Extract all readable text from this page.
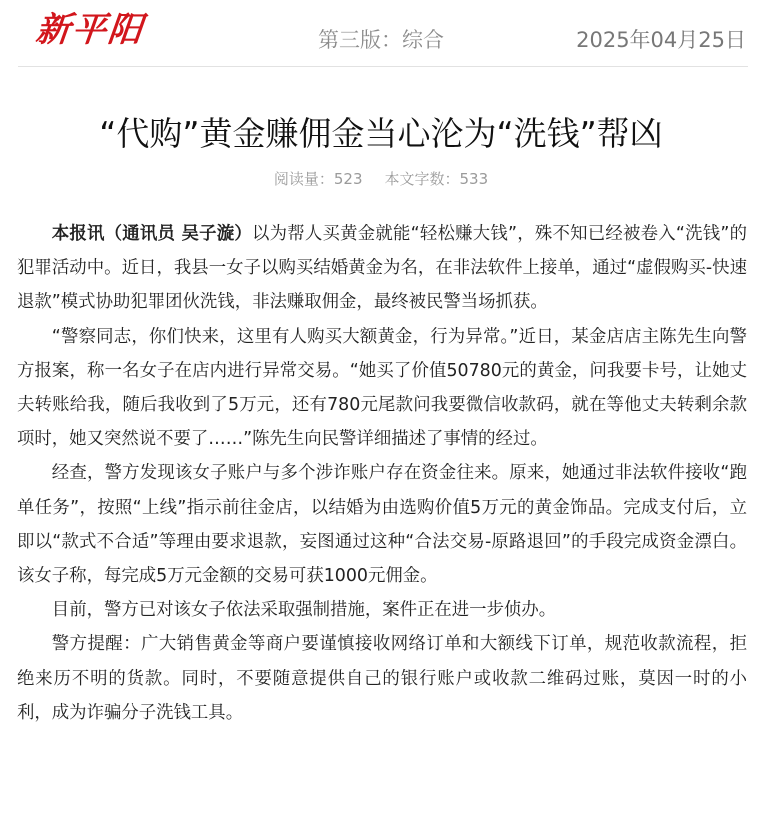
新平阳	第三版：综合	2025年04月25日
“代购”黄金赚佣金当心沦为“洗钱”帮凶
阅读量：523 本文字数：533

本报讯（通讯员 吴子漩）以为帮人买黄金就能“轻松赚大钱”，殊不知已经被卷入“洗钱”的犯罪活动中。近日，我县一女子以购买结婚黄金为名，在非法软件上接单，通过“虚假购买-快速退款”模式协助犯罪团伙洗钱，非法赚取佣金，最终被民警当场抓获。

“警察同志，你们快来，这里有人购买大额黄金，行为异常。”近日，某金店店主陈先生向警方报案，称一名女子在店内进行异常交易。“她买了价值50780元的黄金，问我要卡号，让她丈夫转账给我，随后我收到了5万元，还有780元尾款问我要微信收款码，就在等他丈夫转剩余款项时，她又突然说不要了……”陈先生向民警详细描述了事情的经过。

经查，警方发现该女子账户与多个涉诈账户存在资金往来。原来，她通过非法软件接收“跑单任务”，按照“上线”指示前往金店，以结婚为由选购价值5万元的黄金饰品。完成支付后，立即以“款式不合适”等理由要求退款，妄图通过这种“合法交易-原路退回”的手段完成资金漂白。该女子称，每完成5万元金额的交易可获1000元佣金。

目前，警方已对该女子依法采取强制措施，案件正在进一步侦办。

警方提醒：广大销售黄金等商户要谨慎接收网络订单和大额线下订单，规范收款流程，拒绝来历不明的货款。同时，不要随意提供自己的银行账户或收款二维码过账，莫因一时的小利，成为诈骗分子洗钱工具。
